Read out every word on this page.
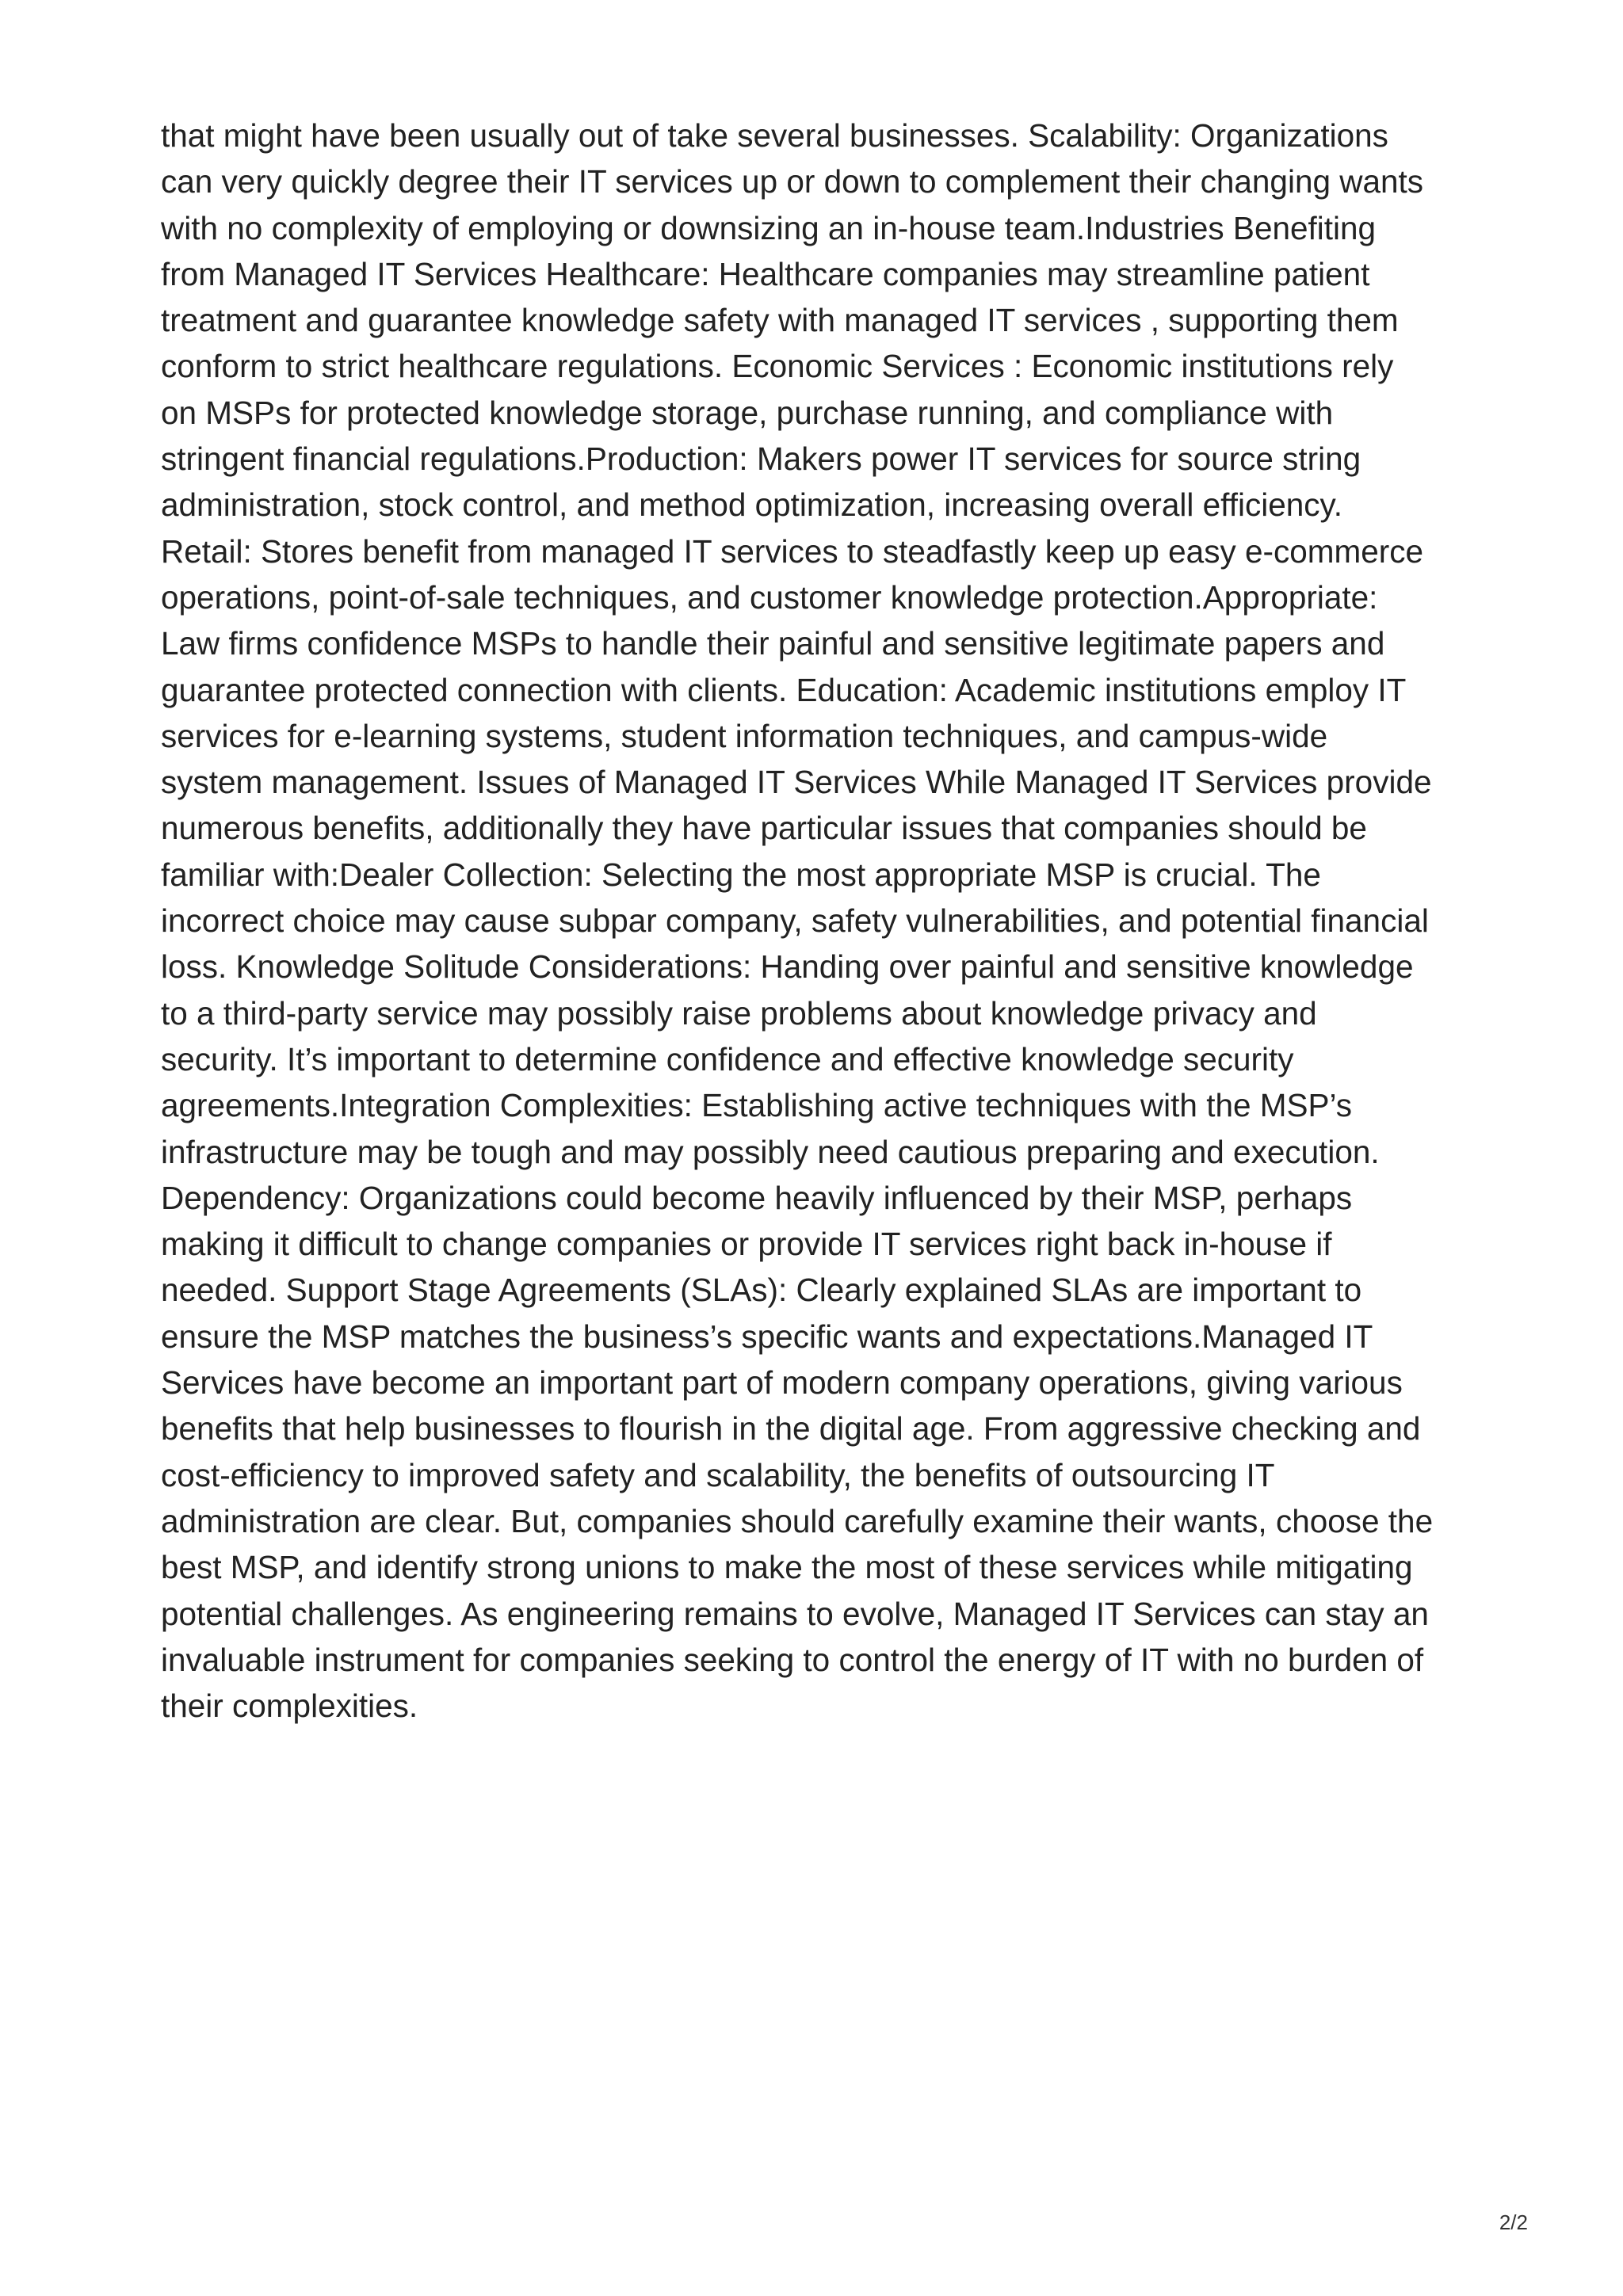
that might have been usually out of take several businesses. Scalability: Organizations
can very quickly degree their IT services up or down to complement their changing wants
with no complexity of employing or downsizing an in-house team.Industries Benefiting
from Managed IT Services Healthcare: Healthcare companies may streamline patient
treatment and guarantee knowledge safety with managed IT services , supporting them
conform to strict healthcare regulations. Economic Services : Economic institutions rely
on MSPs for protected knowledge storage, purchase running, and compliance with
stringent financial regulations.Production: Makers power IT services for source string
administration, stock control, and method optimization, increasing overall efficiency.
Retail: Stores benefit from managed IT services to steadfastly keep up easy e-commerce
operations, point-of-sale techniques, and customer knowledge protection.Appropriate:
Law firms confidence MSPs to handle their painful and sensitive legitimate papers and
guarantee protected connection with clients. Education: Academic institutions employ IT
services for e-learning systems, student information techniques, and campus-wide
system management. Issues of Managed IT Services While Managed IT Services provide
numerous benefits, additionally they have particular issues that companies should be
familiar with:Dealer Collection: Selecting the most appropriate MSP is crucial. The
incorrect choice may cause subpar company, safety vulnerabilities, and potential financial
loss. Knowledge Solitude Considerations: Handing over painful and sensitive knowledge
to a third-party service may possibly raise problems about knowledge privacy and
security. It’s important to determine confidence and effective knowledge security
agreements.Integration Complexities: Establishing active techniques with the MSP’s
infrastructure may be tough and may possibly need cautious preparing and execution.
Dependency: Organizations could become heavily influenced by their MSP, perhaps
making it difficult to change companies or provide IT services right back in-house if
needed. Support Stage Agreements (SLAs): Clearly explained SLAs are important to
ensure the MSP matches the business’s specific wants and expectations.Managed IT
Services have become an important part of modern company operations, giving various
benefits that help businesses to flourish in the digital age. From aggressive checking and
cost-efficiency to improved safety and scalability, the benefits of outsourcing IT
administration are clear. But, companies should carefully examine their wants, choose the
best MSP, and identify strong unions to make the most of these services while mitigating
potential challenges. As engineering remains to evolve, Managed IT Services can stay an
invaluable instrument for companies seeking to control the energy of IT with no burden of
their complexities.

2/2
